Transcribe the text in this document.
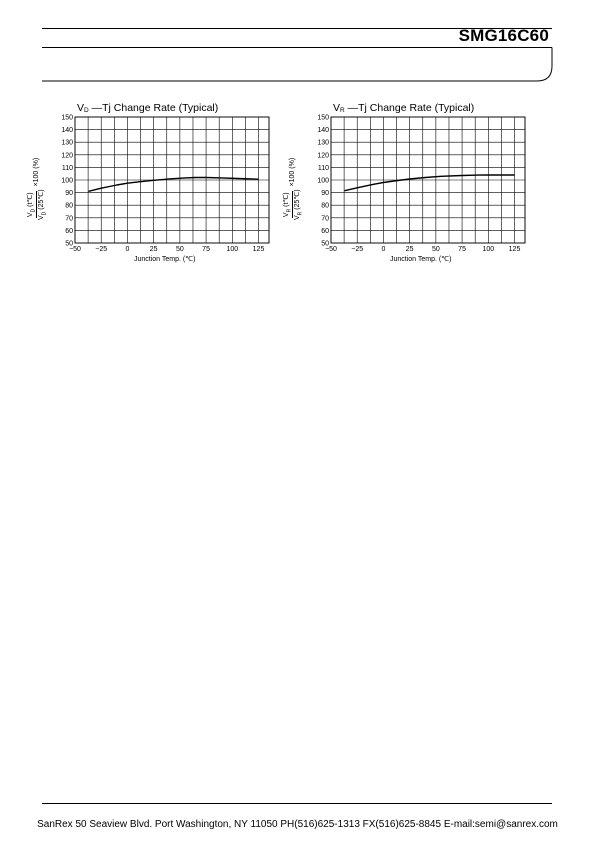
SMG16C60
$V_D$ —Tj Change Rate (Typical)
150
140
130
120
110
100
90
80
70
60
50
−50 −25	0	25	50	75 100 125
$V_D$ (t℃)
$V_D$ (25℃)
×100 (%)
Junction Temp. (℃)
$V_R$ —Tj Change Rate (Typical)
150
140
130
120
110
100
90
80
70
60
50
−50 −25	0	25	50	75 100 125
$V_R$ (t℃)
$V_R$ (25℃)
×100 (%)
Junction Temp. (℃)
SanRex 50 Seaview Blvd. Port Washington, NY 11050 PH(516)625-1313 FX(516)625-8845 E-mail:semi@sanrex.com
